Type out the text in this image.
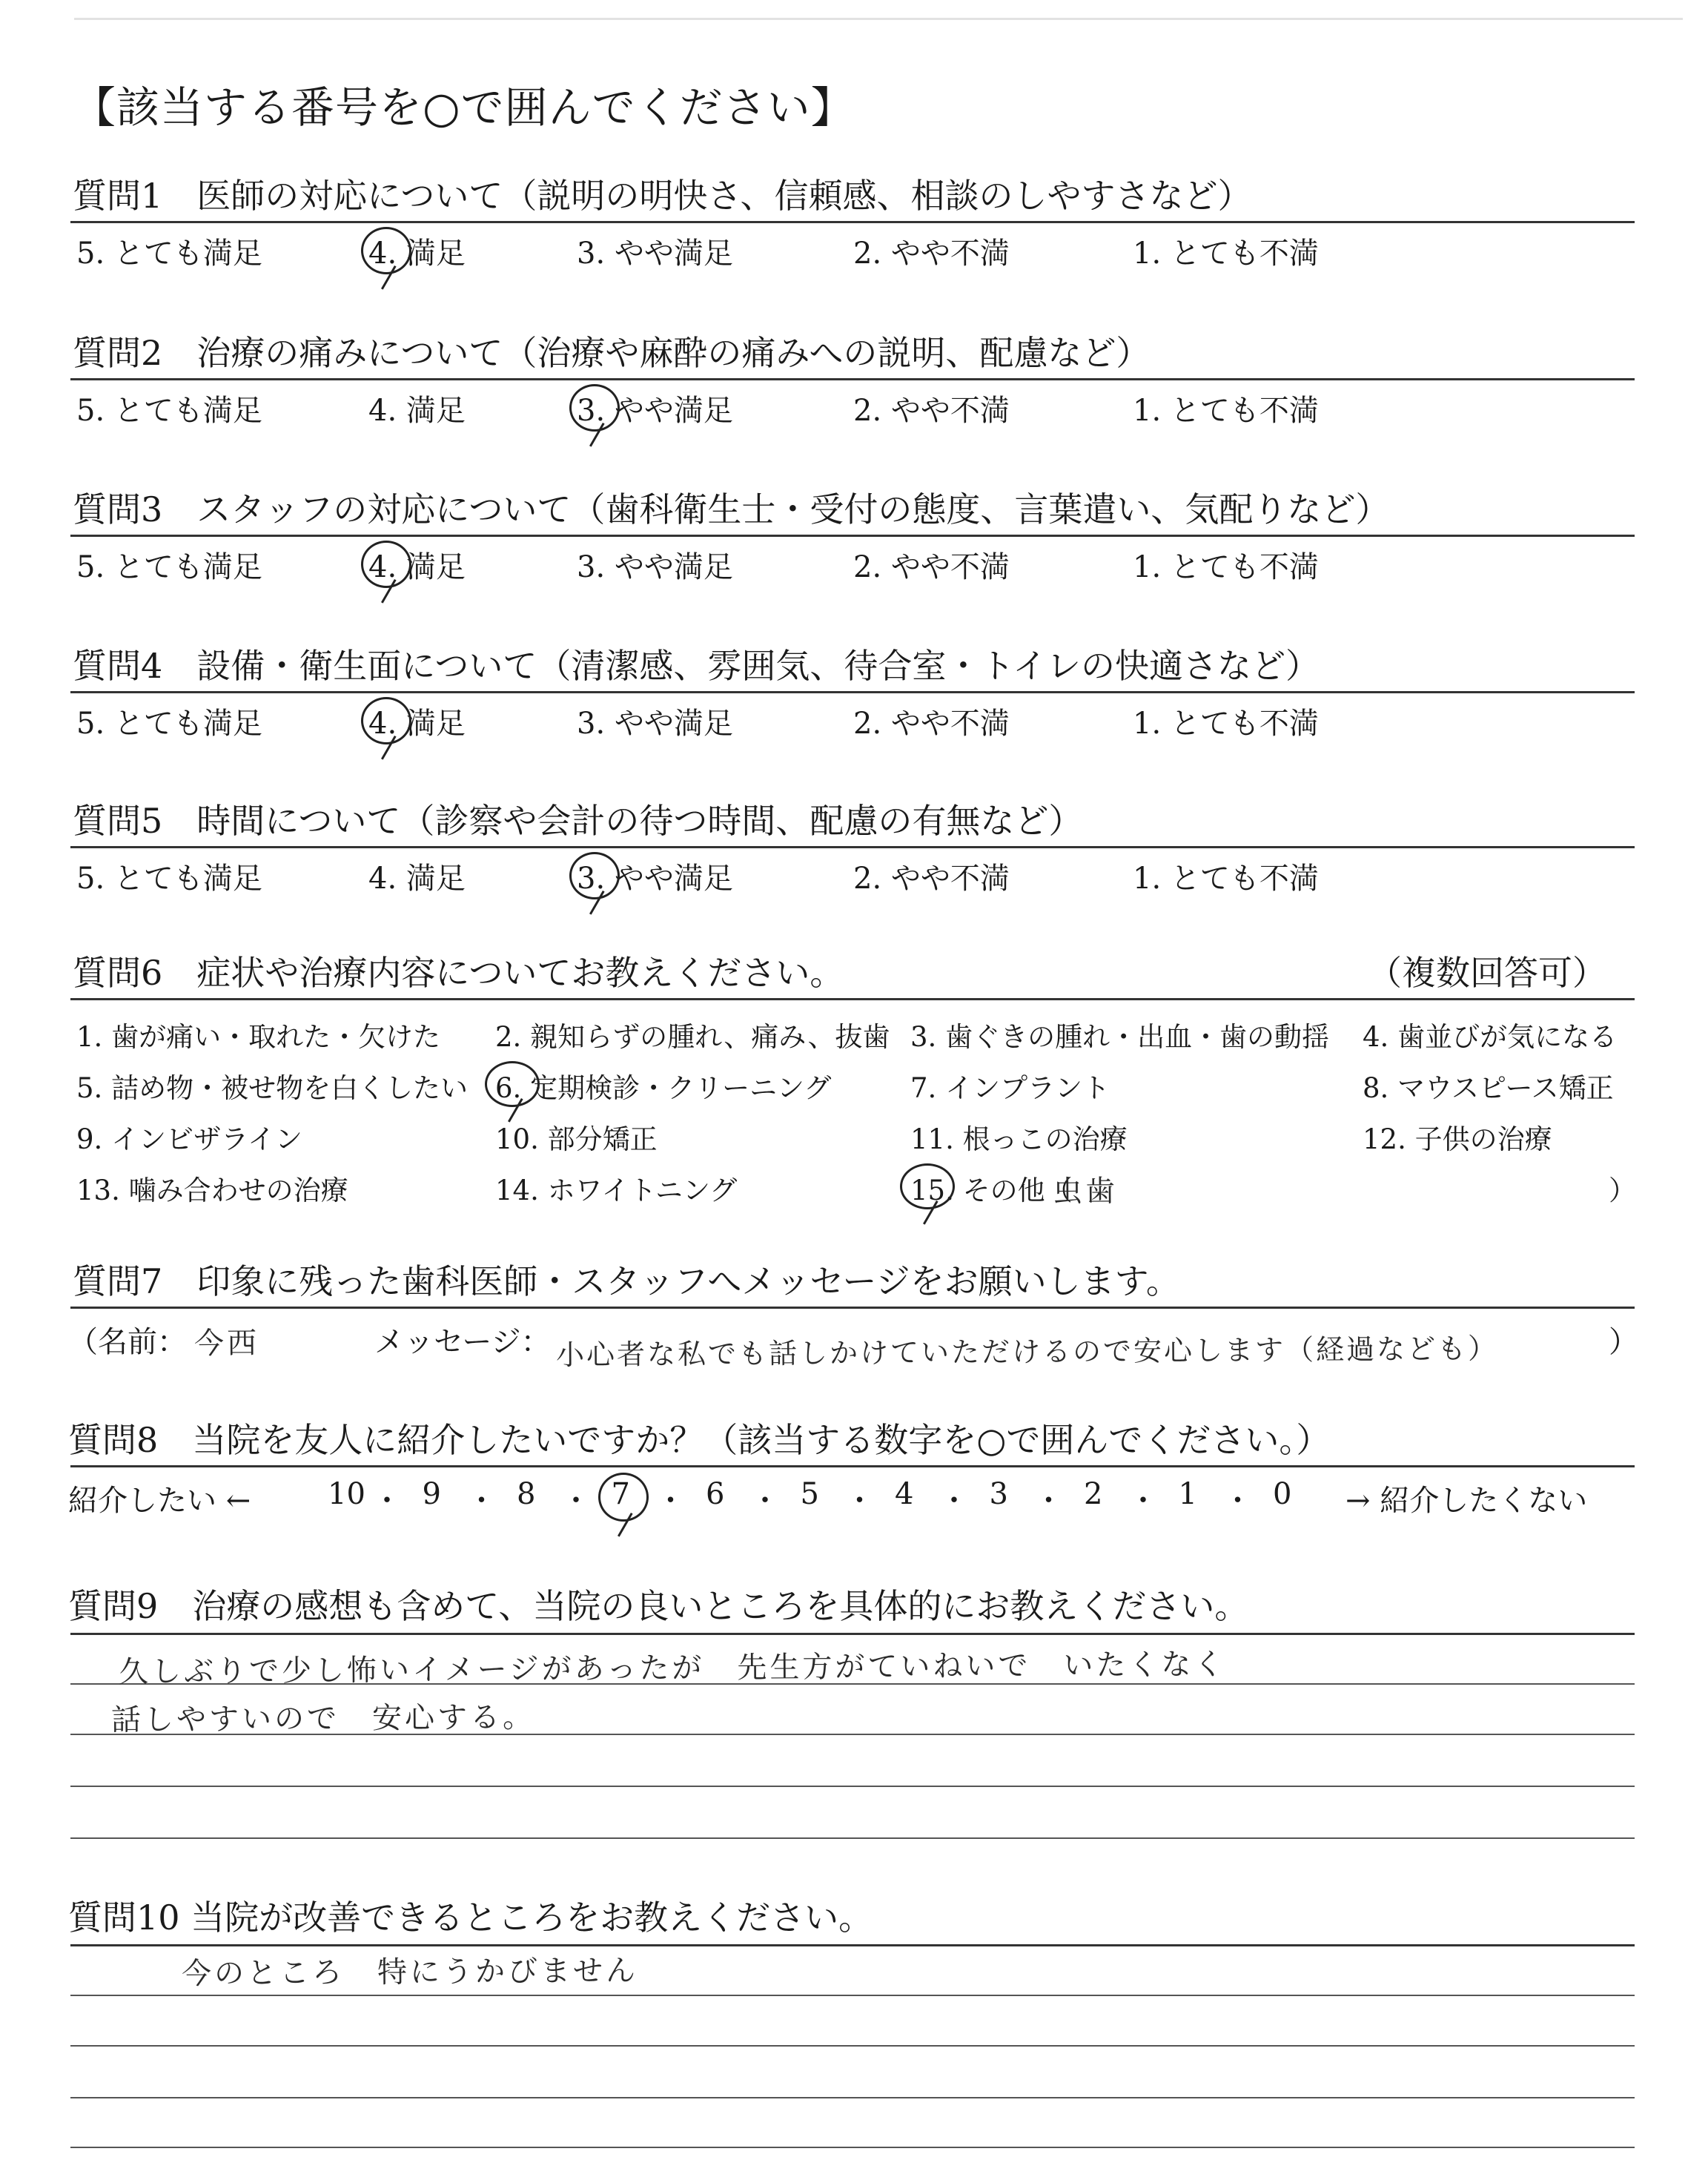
【該当する番号を○で囲んでください】
質問1　医師の対応について（説明の明快さ、信頼感、相談のしやすさなど）
5. とても満足	4. 満足	3. やや満足	2. やや不満	1. とても不満
質問2　治療の痛みについて（治療や麻酔の痛みへの説明、配慮など）
5. とても満足	4. 満足	3. やや満足	2. やや不満	1. とても不満
質問3　スタッフの対応について（歯科衛生士・受付の態度、言葉遣い、気配りなど）
5. とても満足	4. 満足	3. やや満足	2. やや不満	1. とても不満
質問4　設備・衛生面について（清潔感、雰囲気、待合室・トイレの快適さなど）
5. とても満足	4. 満足	3. やや満足	2. やや不満	1. とても不満
質問5　時間について（診察や会計の待つ時間、配慮の有無など）
5. とても満足	4. 満足	3. やや満足	2. やや不満	1. とても不満
質問6　症状や治療内容についてお教えください。	（複数回答可）
1. 歯が痛い・取れた・欠けた 2. 親知らずの腫れ、痛み、抜歯 3. 歯ぐきの腫れ・出血・歯の動揺 4. 歯並びが気になる
5. 詰め物・被せ物を白くしたい 6. 定期検診・クリーニング	7. インプラント	8. マウスピース矯正
9. インビザライン	10. 部分矯正	11. 根っこの治療	12. 子供の治療
13. 噛み合わせの治療	14. ホワイトニング	15. その他（
虫歯	）
質問7　印象に残った歯科医師・スタッフへメッセージをお願いします。
（名前： 今西	メッセージ： 小心者な私でも話しかけていただけるので安心します（経過なども）	）
質問8　当院を友人に紹介したいですか？（該当する数字を○で囲んでください。）
紹介したい ←	→ 紹介したくない
10 ・ 9 ・ 8 ・ 7 ・ 6 ・ 5 ・ 4 ・ 3 ・ 2 ・ 1 ・ 0
質問9　治療の感想も含めて、当院の良いところを具体的にお教えください。
久しぶりで少し怖いイメージがあったが　先生方がていねいで　いたくなく
話しやすいので　安心する。
質問10 当院が改善できるところをお教えください。
今のところ　特にうかびません
